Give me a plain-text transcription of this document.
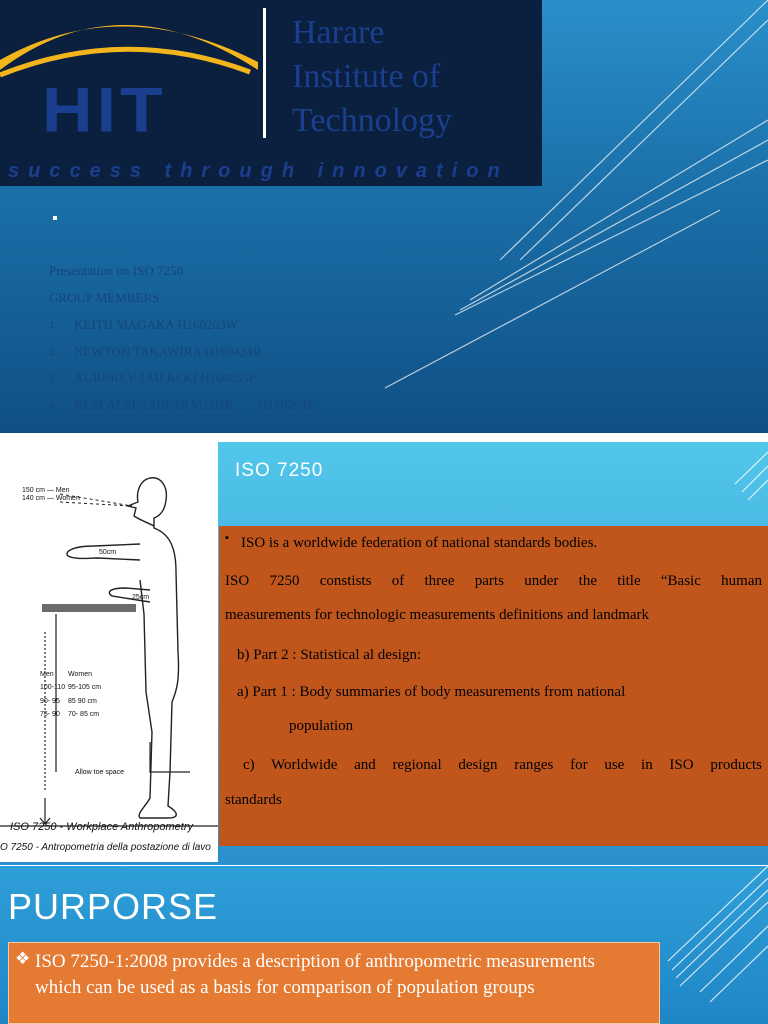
HIT
Harare
Institute of
Technology
success through innovation
▪
Presentation on ISO 7250
GROUP MEMBERS
1. KEITH MAGAKA H160203W
2. NEWTON TAKAWIRA H160424R
3. AURBREY J MEREKI H160055P
4. BEZEALEL CHIPARAUSHE        H160204Z
150 cm — Men
140 cm — Women
50cm
25cm
Men Women
100-110 95-105 cm
90- 95 85 90 cm
75- 90 70- 85 cm
Allow toe space
ISO 7250 - Workplace Anthropometry
O 7250 - Antropometria della postazione di lavo
ISO 7250
▪ ISO is a worldwide federation of national standards bodies.

ISO 7250 constists of three parts under the title “Basic human

measurements for technologic measurements definitions and landmark

b) Part 2 : Statistical al design:

a) Part 1 : Body summaries of body measurements from national

population

c) Worldwide and regional design ranges for use in ISO products

standards

PURPORSE
❖ ISO 7250-1:2008 provides a description of anthropometric measurements which can be used as a basis for comparison of population groups
